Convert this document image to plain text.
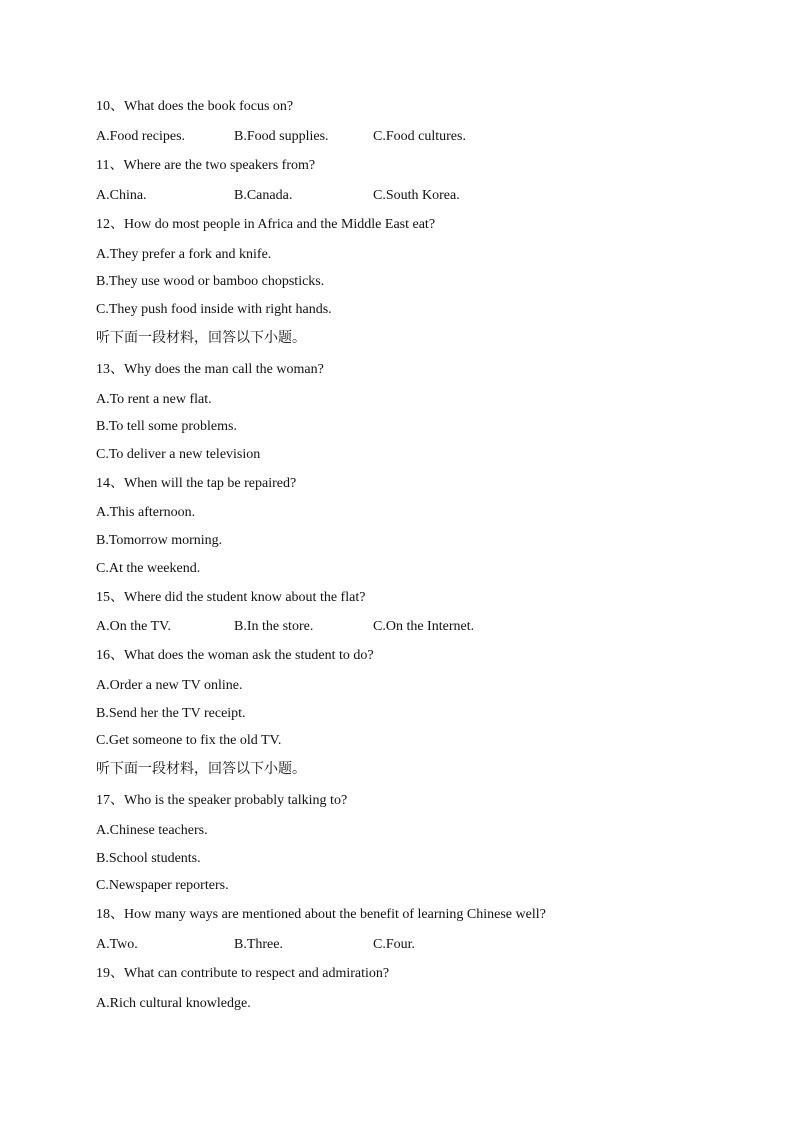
10、What does the book focus on?
A.Food recipes.	B.Food supplies.	C.Food cultures.
11、Where are the two speakers from?
A.China.	B.Canada.	C.South Korea.
12、How do most people in Africa and the Middle East eat?
A.They prefer a fork and knife.
B.They use wood or bamboo chopsticks.
C.They push food inside with right hands.
听下面一段材料，回答以下小题。
13、Why does the man call the woman?
A.To rent a new flat.
B.To tell some problems.
C.To deliver a new television
14、When will the tap be repaired?
A.This afternoon.
B.Tomorrow morning.
C.At the weekend.
15、Where did the student know about the flat?
A.On the TV.	B.In the store.	C.On the Internet.
16、What does the woman ask the student to do?
A.Order a new TV online.
B.Send her the TV receipt.
C.Get someone to fix the old TV.
听下面一段材料，回答以下小题。
17、Who is the speaker probably talking to?
A.Chinese teachers.
B.School students.
C.Newspaper reporters.
18、How many ways are mentioned about the benefit of learning Chinese well?
A.Two.	B.Three.	C.Four.
19、What can contribute to respect and admiration?
A.Rich cultural knowledge.
